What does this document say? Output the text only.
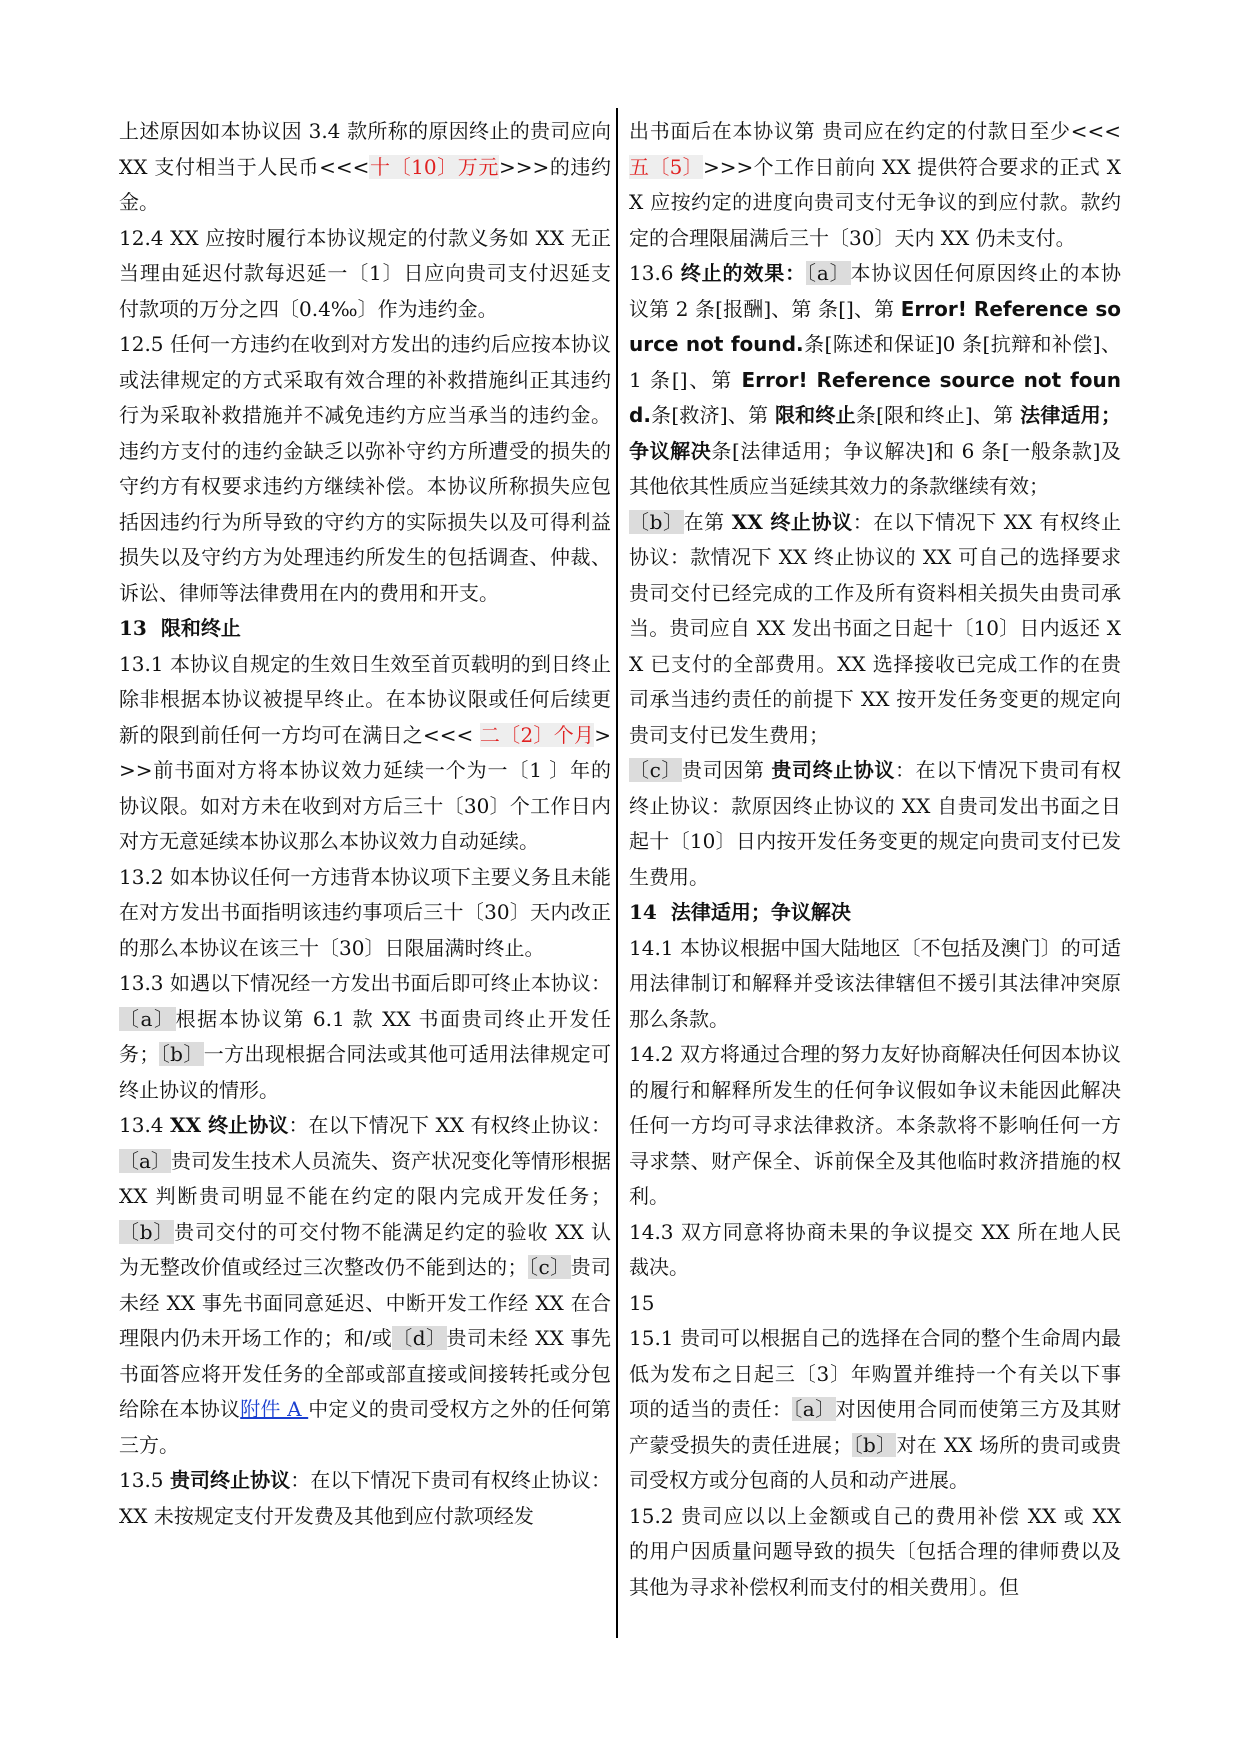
上述原因如本协议因 3.4 款所称的原因终止的贵司应向 XX 支付相当于人民币<<<十〔10〕万元>>>的违约金。

12.4 XX 应按时履行本协议规定的付款义务如 XX 无正当理由延迟付款每迟延一〔1〕日应向贵司支付迟延支付款项的万分之四〔0.4‰〕作为违约金。

12.5 任何一方违约在收到对方发出的违约后应按本协议或法律规定的方式采取有效合理的补救措施纠正其违约行为采取补救措施并不减免违约方应当承当的违约金。违约方支付的违约金缺乏以弥补守约方所遭受的损失的守约方有权要求违约方继续补偿。本协议所称损失应包括因违约行为所导致的守约方的实际损失以及可得利益损失以及守约方为处理违约所发生的包括调查、仲裁、诉讼、律师等法律费用在内的费用和开支。

13 限和终止

13.1 本协议自规定的生效日生效至首页载明的到日终止除非根据本协议被提早终止。在本协议限或任何后续更新的限到前任何一方均可在满日之<<< 二〔2〕个月>>>前书面对方将本协议效力延续一个为一〔1 〕年的协议限。如对方未在收到对方后三十〔30〕个工作日内对方无意延续本协议那么本协议效力自动延续。

13.2 如本协议任何一方违背本协议项下主要义务且未能在对方发出书面指明该违约事项后三十〔30〕天内改正的那么本协议在该三十〔30〕日限届满时终止。

13.3 如遇以下情况经一方发出书面后即可终止本协议：〔a〕根据本协议第 6.1 款 XX 书面贵司终止开发任务；〔b〕一方出现根据合同法或其他可适用法律规定可终止协议的情形。

13.4 XX 终止协议：在以下情况下 XX 有权终止协议：〔a〕贵司发生技术人员流失、资产状况变化等情形根据 XX 判断贵司明显不能在约定的限内完成开发任务；〔b〕贵司交付的可交付物不能满足约定的验收 XX 认为无整改价值或经过三次整改仍不能到达的；〔c〕贵司未经 XX 事先书面同意延迟、中断开发工作经 XX 在合理限内仍未开场工作的；和/或〔d〕贵司未经 XX 事先书面答应将开发任务的全部或部直接或间接转托或分包给除在本协议附件 A 中定义的贵司受权方之外的任何第三方。

13.5 贵司终止协议：在以下情况下贵司有权终止协议：XX 未按规定支付开发费及其他到应付款项经发

出书面后在本协议第 贵司应在约定的付款日至少<<<五〔5〕>>>个工作日前向 XX 提供符合要求的正式 XX 应按约定的进度向贵司支付无争议的到应付款。款约定的合理限届满后三十〔30〕天内 XX 仍未支付。

13.6 终止的效果：〔a〕本协议因任何原因终止的本协议第 2 条[报酬]、第 条[]、第 Error! Reference source not found.条[陈述和保证]0 条[抗辩和补偿]、1 条[]、第 Error! Reference source not found.条[救济]、第 限和终止条[限和终止]、第 法律适用；争议解决条[法律适用；争议解决]和 6 条[一般条款]及其他依其性质应当延续其效力的条款继续有效；

〔b〕在第 XX 终止协议：在以下情况下 XX 有权终止协议：款情况下 XX 终止协议的 XX 可自己的选择要求贵司交付已经完成的工作及所有资料相关损失由贵司承当。贵司应自 XX 发出书面之日起十〔10〕日内返还 XX 已支付的全部费用。XX 选择接收已完成工作的在贵司承当违约责任的前提下 XX 按开发任务变更的规定向贵司支付已发生费用；

〔c〕贵司因第 贵司终止协议：在以下情况下贵司有权终止协议：款原因终止协议的 XX 自贵司发出书面之日起十〔10〕日内按开发任务变更的规定向贵司支付已发生费用。

14 法律适用；争议解决

14.1 本协议根据中国大陆地区〔不包括及澳门〕的可适用法律制订和解释并受该法律辖但不援引其法律冲突原那么条款。

14.2 双方将通过合理的努力友好协商解决任何因本协议的履行和解释所发生的任何争议假如争议未能因此解决任何一方均可寻求法律救济。本条款将不影响任何一方寻求禁、财产保全、诉前保全及其他临时救济措施的权利。

14.3 双方同意将协商未果的争议提交 XX 所在地人民裁决。

15

15.1 贵司可以根据自己的选择在合同的整个生命周内最低为发布之日起三〔3〕年购置并维持一个有关以下事项的适当的责任：〔a〕对因使用合同而使第三方及其财产蒙受损失的责任进展；〔b〕对在 XX 场所的贵司或贵司受权方或分包商的人员和动产进展。

15.2 贵司应以以上金额或自己的费用补偿 XX 或 XX 的用户因质量问题导致的损失〔包括合理的律师费以及其他为寻求补偿权利而支付的相关费用〕。但
